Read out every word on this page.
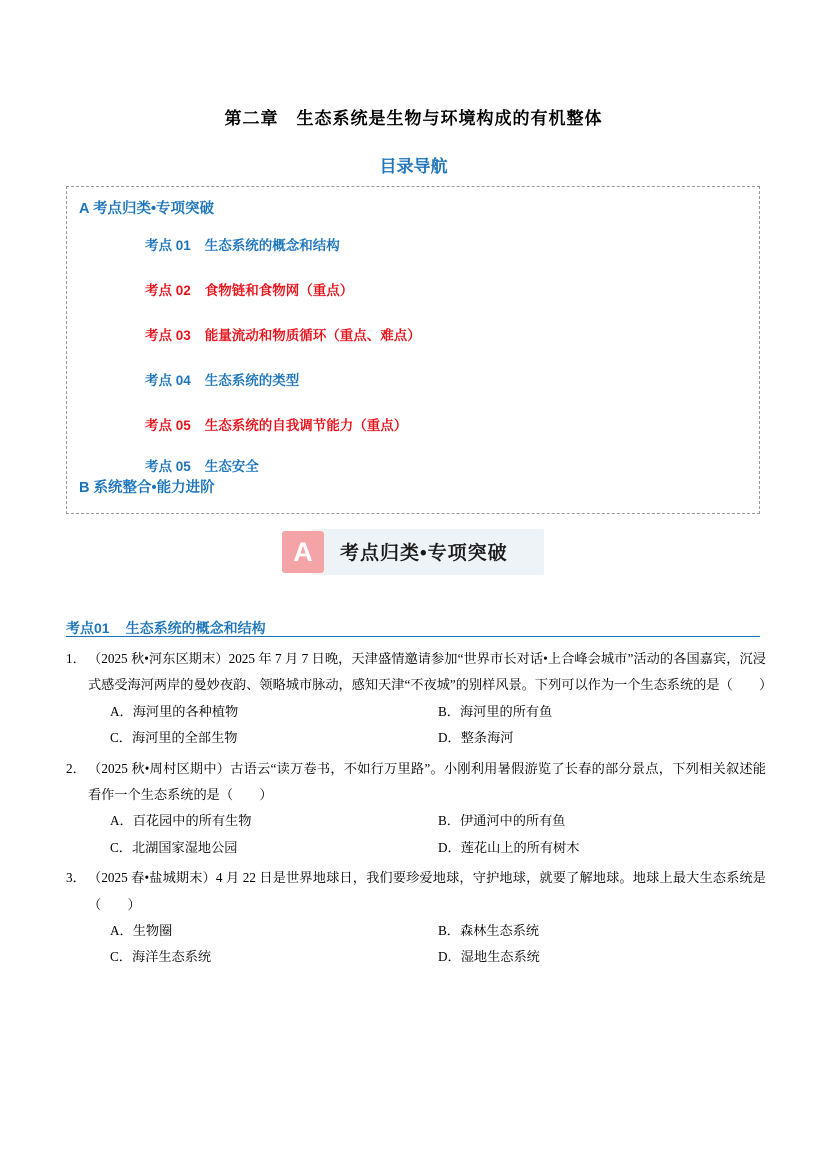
第二章　生态系统是生物与环境构成的有机整体
目录导航
A 考点归类•专项突破
考点 01 生态系统的概念和结构
考点 02 食物链和食物网（重点）
考点 03 能量流动和物质循环（重点、难点）
考点 04 生态系统的类型
考点 05 生态系统的自我调节能力（重点）
考点 05 生态安全
B 系统整合•能力进阶
A	考点归类•专项突破
考点01 生态系统的概念和结构
1． （2025 秋•河东区期末）2025 年 7 月 7 日晚，天津盛情邀请参加“世界市长对话•上合峰会城市”活动的各国嘉宾，沉浸式感受海河两岸的曼妙夜韵、领略城市脉动，感知天津“不夜城”的别样风景。下列可以作为一个生态系统的是（　　）
A．海河里的各种植物	B．海河里的所有鱼
C．海河里的全部生物	D．整条海河
2． （2025 秋•周村区期中）古语云“读万卷书，不如行万里路”。小刚利用暑假游览了长春的部分景点，下列相关叙述能看作一个生态系统的是（　　）
A．百花园中的所有生物	B．伊通河中的所有鱼
C．北湖国家湿地公园	D．莲花山上的所有树木
3． （2025 春•盐城期末）4 月 22 日是世界地球日，我们要珍爱地球，守护地球，就要了解地球。地球上最大生态系统是（　　）
A．生物圈	B．森林生态系统
C．海洋生态系统	D．湿地生态系统
